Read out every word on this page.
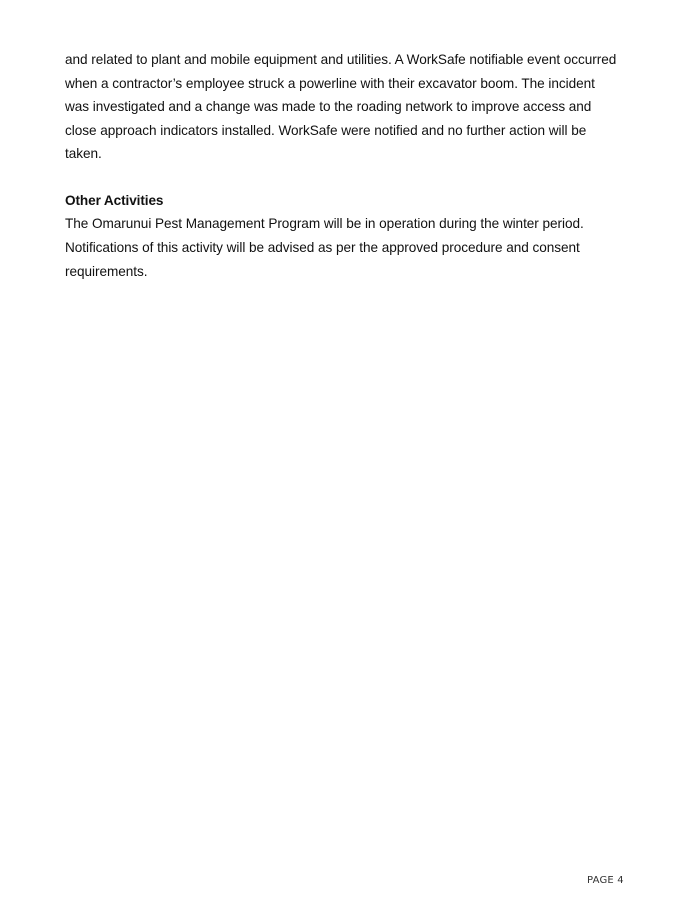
and related to plant and mobile equipment and utilities. A WorkSafe notifiable event occurred
when a contractor’s employee struck a powerline with their excavator boom. The incident
was investigated and a change was made to the roading network to improve access and
close approach indicators installed. WorkSafe were notified and no further action will be
taken.
Other Activities
The Omarunui Pest Management Program will be in operation during the winter period.
Notifications of this activity will be advised as per the approved procedure and consent
requirements.
PAGE 4
